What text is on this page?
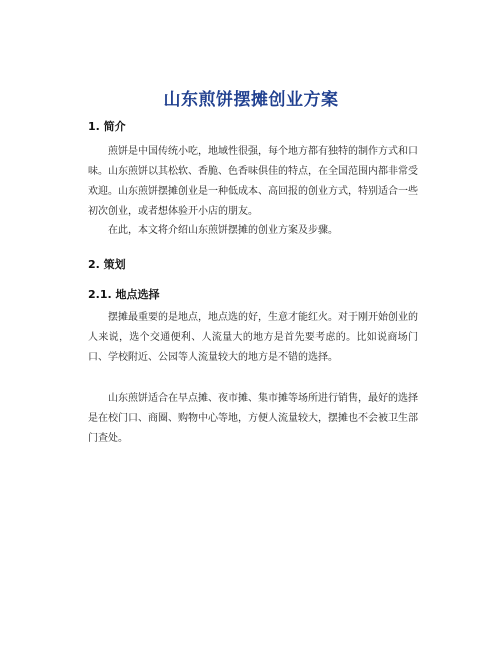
山东煎饼摆摊创业方案
1. 简介

煎饼是中国传统小吃，地域性很强，每个地方都有独特的制作方式和口味。山东煎饼以其松软、香脆、色香味俱佳的特点，在全国范围内都非常受欢迎。山东煎饼摆摊创业是一种低成本、高回报的创业方式，特别适合一些初次创业，或者想体验开小店的朋友。

在此，本文将介绍山东煎饼摆摊的创业方案及步骤。

2. 策划
2.1. 地点选择

摆摊最重要的是地点，地点选的好，生意才能红火。对于刚开始创业的人来说，选个交通便利、人流量大的地方是首先要考虑的。比如说商场门口、学校附近、公园等人流量较大的地方是不错的选择。

山东煎饼适合在早点摊、夜市摊、集市摊等场所进行销售，最好的选择是在校门口、商圈、购物中心等地，方便人流量较大，摆摊也不会被卫生部门查处。
